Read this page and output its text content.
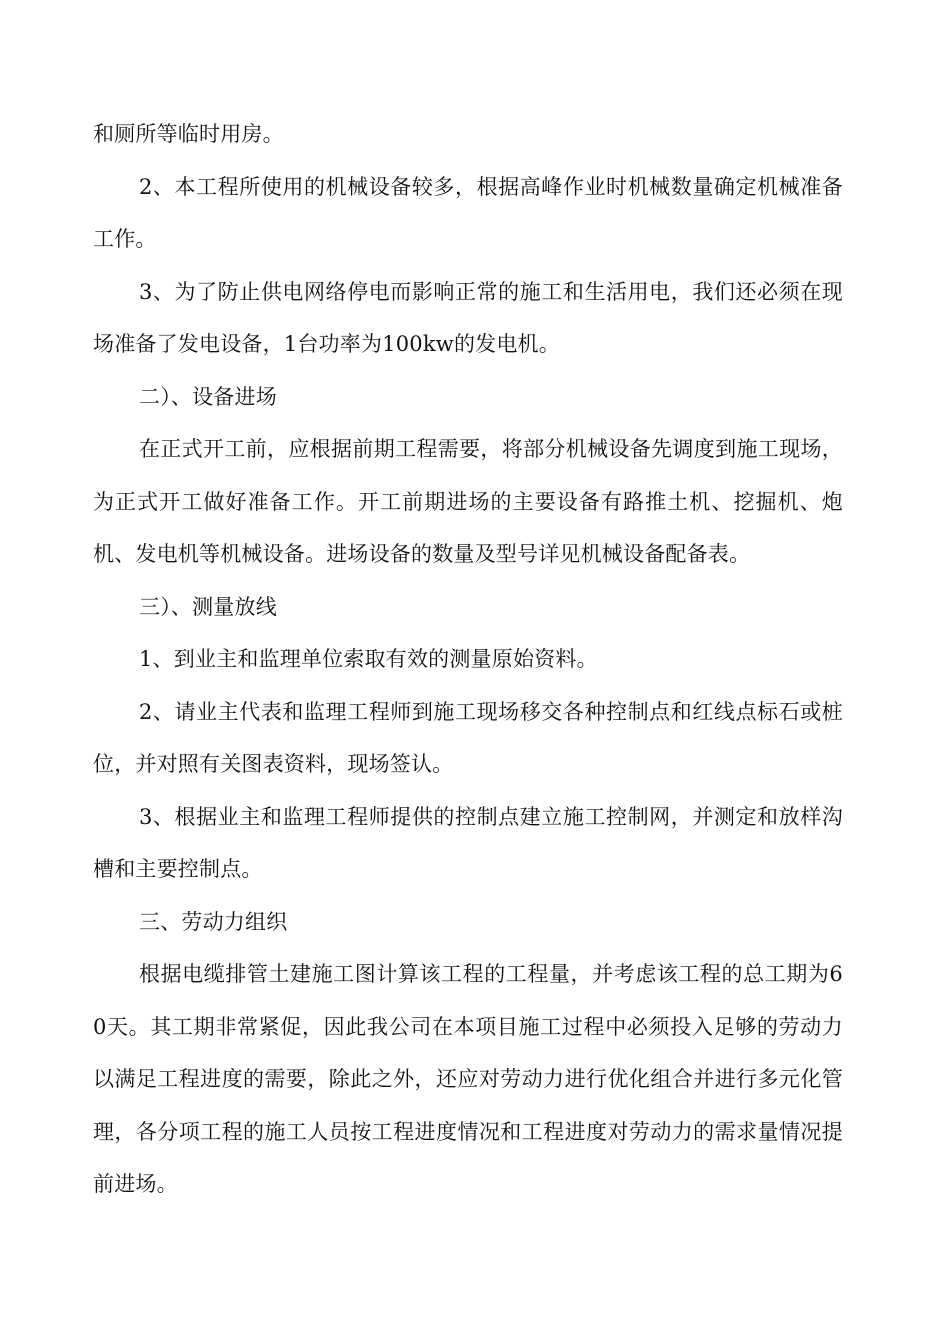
和厕所等临时用房。

2、本工程所使用的机械设备较多，根据高峰作业时机械数量确定机械准备工作。

3、为了防止供电网络停电而影响正常的施工和生活用电，我们还必须在现场准备了发电设备，1台功率为100kw的发电机。

二）、设备进场

在正式开工前，应根据前期工程需要，将部分机械设备先调度到施工现场，为正式开工做好准备工作。开工前期进场的主要设备有路推土机、挖掘机、炮机、发电机等机械设备。进场设备的数量及型号详见机械设备配备表。

三）、测量放线

1、到业主和监理单位索取有效的测量原始资料。

2、请业主代表和监理工程师到施工现场移交各种控制点和红线点标石或桩位，并对照有关图表资料，现场签认。

3、根据业主和监理工程师提供的控制点建立施工控制网，并测定和放样沟槽和主要控制点。

三、劳动力组织

根据电缆排管土建施工图计算该工程的工程量，并考虑该工程的总工期为60天。其工期非常紧促，因此我公司在本项目施工过程中必须投入足够的劳动力以满足工程进度的需要，除此之外，还应对劳动力进行优化组合并进行多元化管理，各分项工程的施工人员按工程进度情况和工程进度对劳动力的需求量情况提前进场。
